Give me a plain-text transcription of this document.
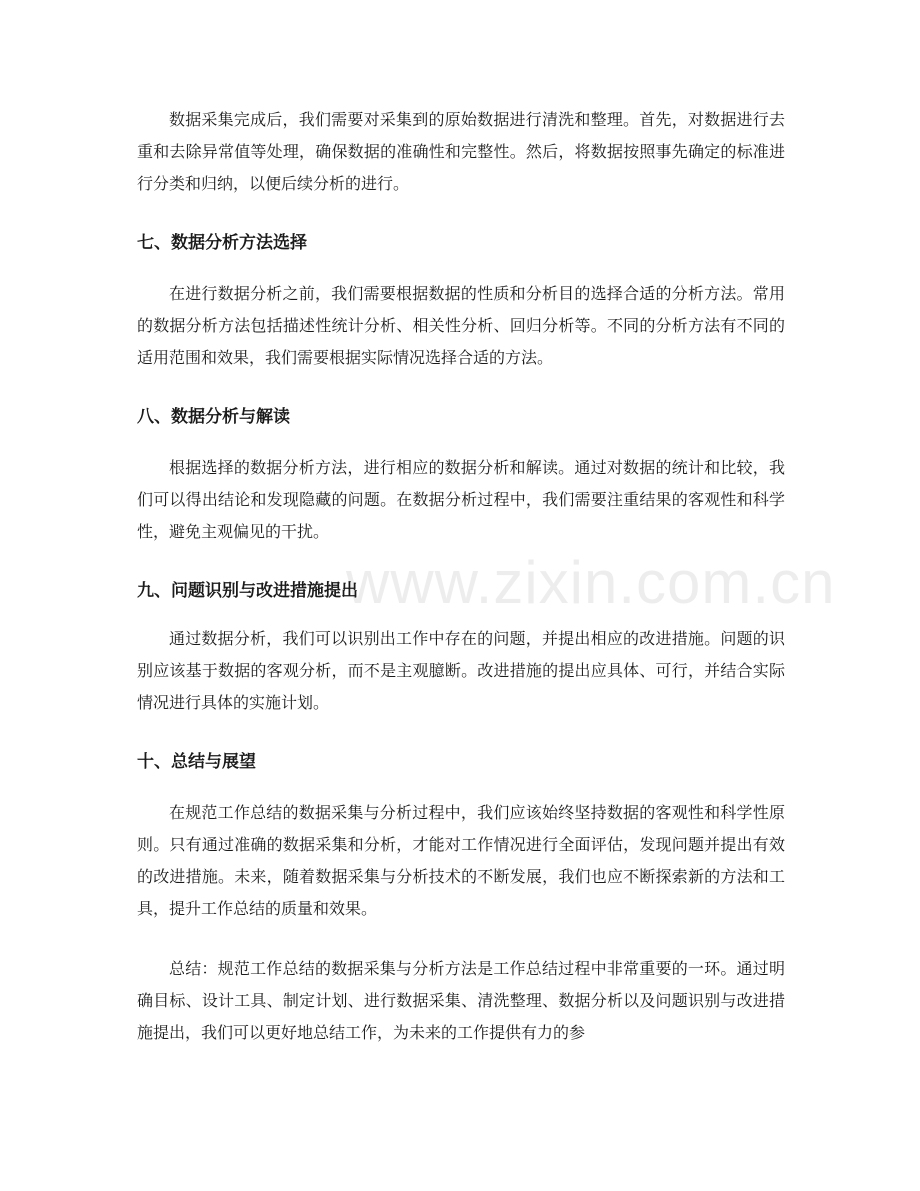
www.zixin.com.cn
数据采集完成后，我们需要对采集到的原始数据进行清洗和整理。首先，对数据进行去重和去除异常值等处理，确保数据的准确性和完整性。然后，将数据按照事先确定的标准进行分类和归纳，以便后续分析的进行。
七、数据分析方法选择
在进行数据分析之前，我们需要根据数据的性质和分析目的选择合适的分析方法。常用的数据分析方法包括描述性统计分析、相关性分析、回归分析等。不同的分析方法有不同的适用范围和效果，我们需要根据实际情况选择合适的方法。
八、数据分析与解读
根据选择的数据分析方法，进行相应的数据分析和解读。通过对数据的统计和比较，我们可以得出结论和发现隐藏的问题。在数据分析过程中，我们需要注重结果的客观性和科学性，避免主观偏见的干扰。
九、问题识别与改进措施提出
通过数据分析，我们可以识别出工作中存在的问题，并提出相应的改进措施。问题的识别应该基于数据的客观分析，而不是主观臆断。改进措施的提出应具体、可行，并结合实际情况进行具体的实施计划。
十、总结与展望
在规范工作总结的数据采集与分析过程中，我们应该始终坚持数据的客观性和科学性原则。只有通过准确的数据采集和分析，才能对工作情况进行全面评估，发现问题并提出有效的改进措施。未来，随着数据采集与分析技术的不断发展，我们也应不断探索新的方法和工具，提升工作总结的质量和效果。
总结：规范工作总结的数据采集与分析方法是工作总结过程中非常重要的一环。通过明确目标、设计工具、制定计划、进行数据采集、清洗整理、数据分析以及问题识别与改进措施提出，我们可以更好地总结工作，为未来的工作提供有力的参
